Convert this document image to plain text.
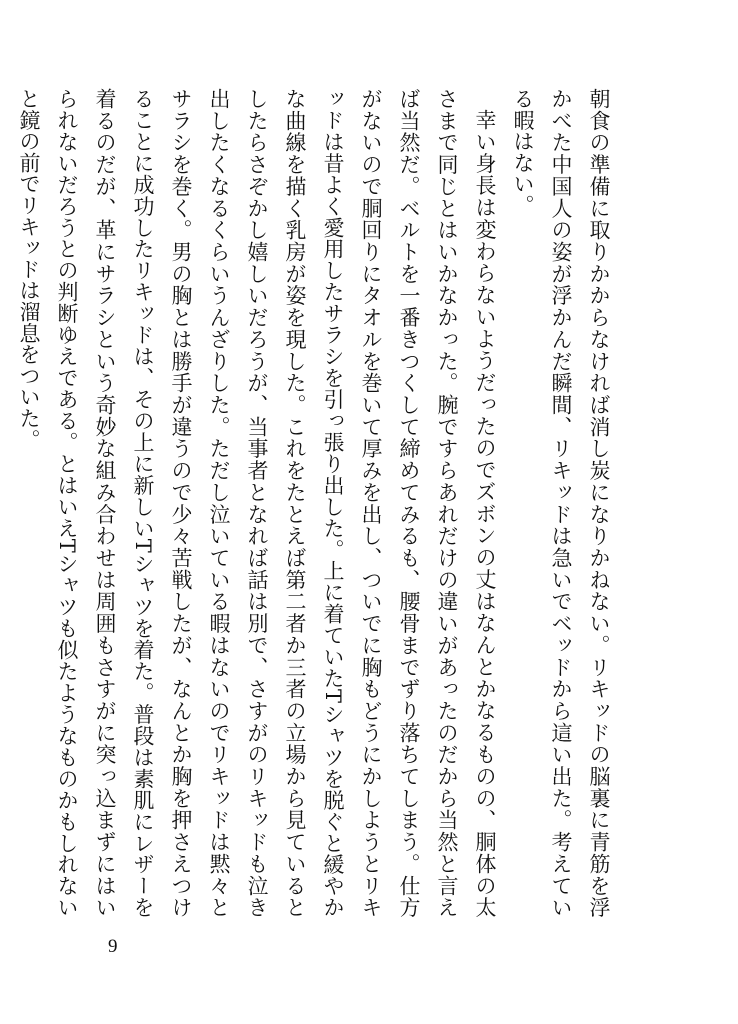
朝食の準備に取りかからなければ消し炭になりかねない。リキッドの脳裏に青筋を浮かべた中国人の姿が浮かんだ瞬間、リキッドは急いでベッドから這い出た。考えている暇はない。

幸い身長は変わらないようだったのでズボンの丈はなんとかなるものの、胴体の太さまで同じとはいかなかった。腕ですらあれだけの違いがあったのだから当然と言えば当然だ。ベルトを一番きつくして締めてみるも、腰骨までずり落ちてしまう。仕方がないので胴回りにタオルを巻いて厚みを出し、ついでに胸もどうにかしようとリキッドは昔よく愛用したサラシを引っ張り出した。上に着ていたTシャツを脱ぐと緩やかな曲線を描く乳房が姿を現した。これをたとえば第二者か三者の立場から見ているとしたらさぞかし嬉しいだろうが、当事者となれば話は別で、さすがのリキッドも泣き出したくなるくらいうんざりした。ただし泣いている暇はないのでリキッドは黙々とサラシを巻く。男の胸とは勝手が違うので少々苦戦したが、なんとか胸を押さえつけることに成功したリキッドは、その上に新しいTシャツを着た。普段は素肌にレザーを着るのだが、革にサラシという奇妙な組み合わせは周囲もさすがに突っ込まずにはいられないだろうとの判断ゆえである。とはいえTシャツも似たようなものかもしれないと鏡の前でリキッドは溜息をついた。

9
